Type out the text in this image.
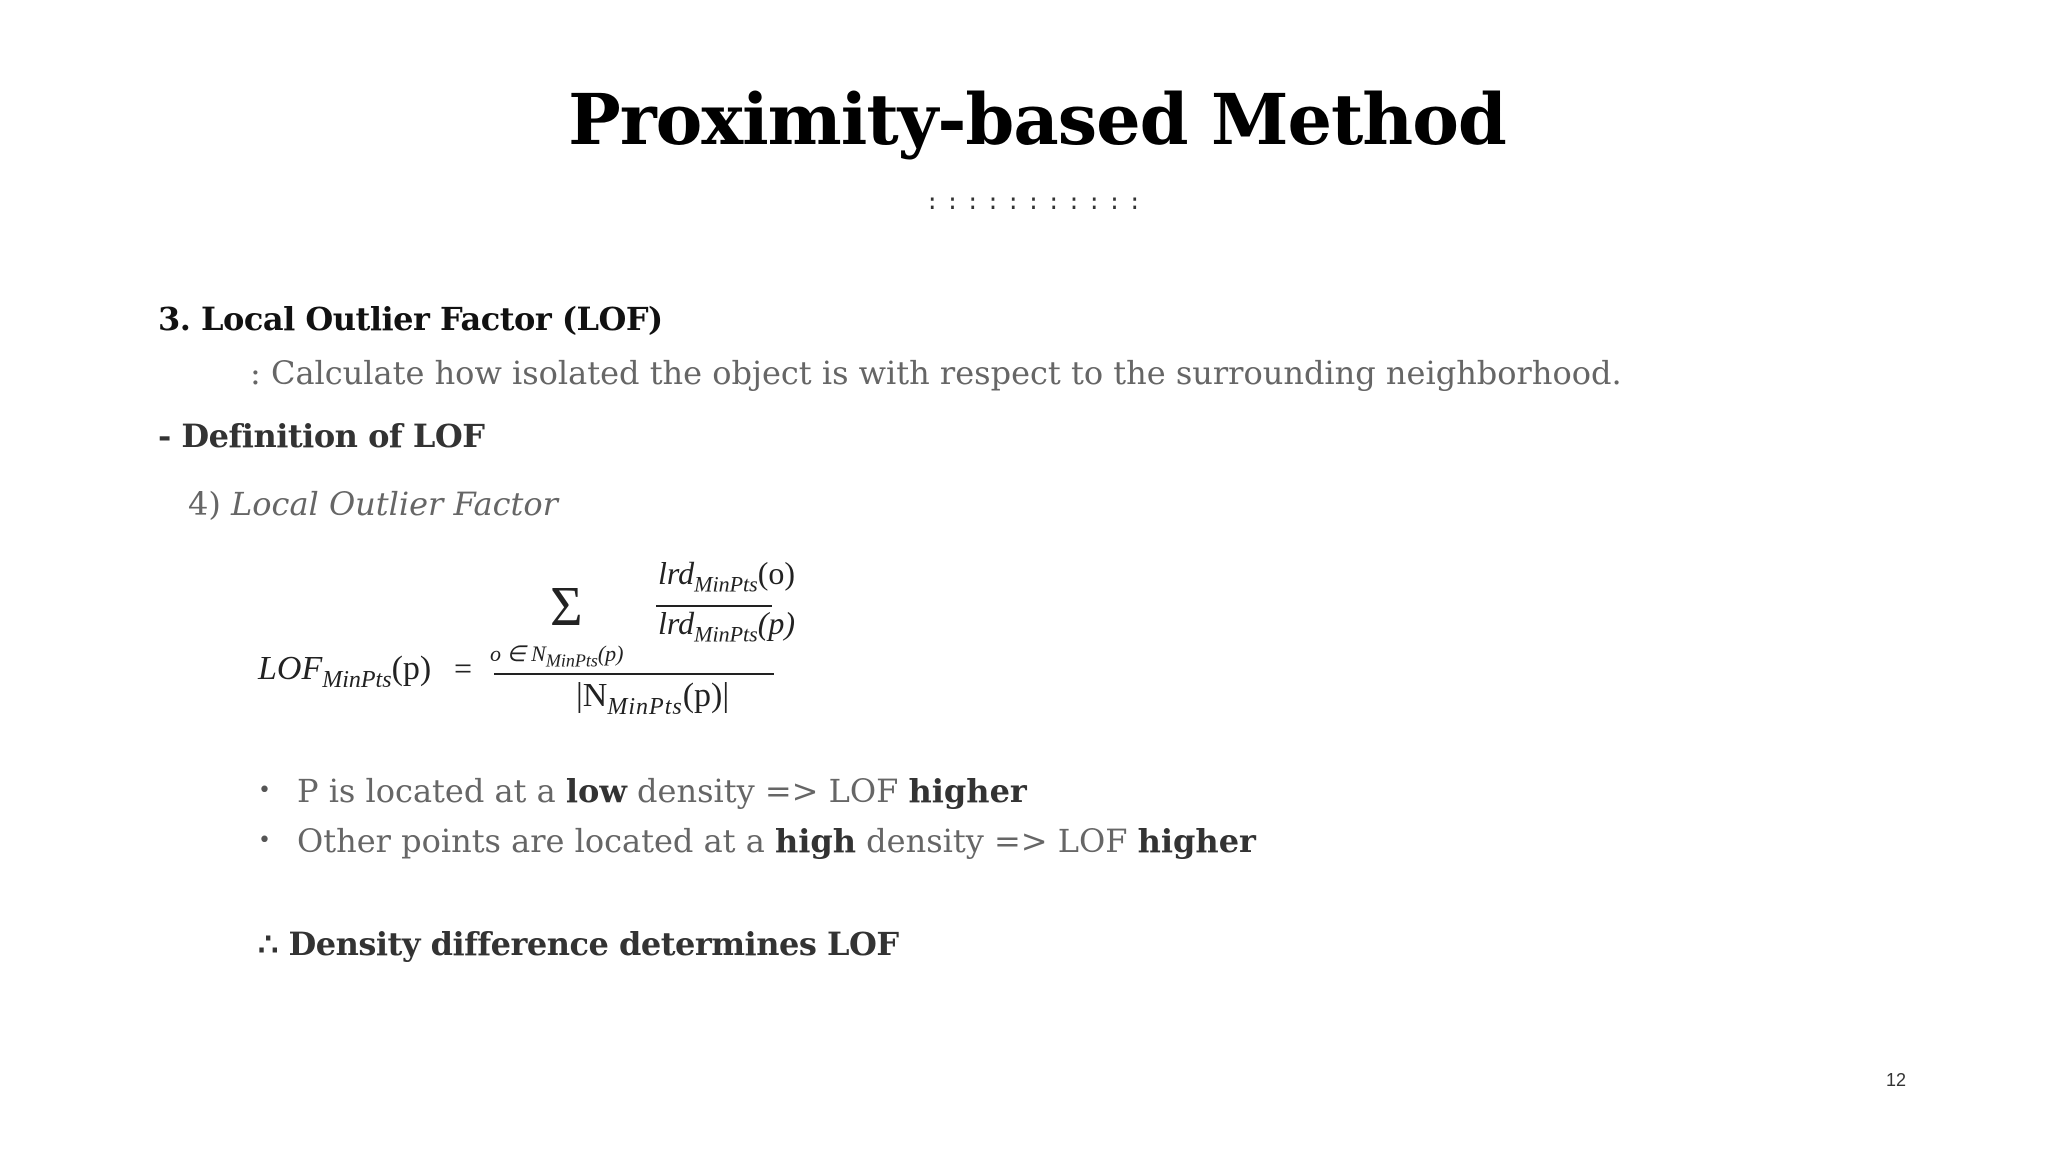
Proximity-based Method
:::::::::::
3. Local Outlier Factor (LOF)
: Calculate how isolated the object is with respect to the surrounding neighborhood.
- Definition of LOF
4) Local Outlier Factor
$LOF_{MinPts}(p)$ =
Σ
o ∈ $N_{MinPts}(p)$
lrd$_{MinPts}$(o)
lrd$_{MinPts}$(p)
$|N_{MinPts}(p)|$
• P is located at a low density => LOF higher
• Other points are located at a high density => LOF higher
∴ Density difference determines LOF
12
